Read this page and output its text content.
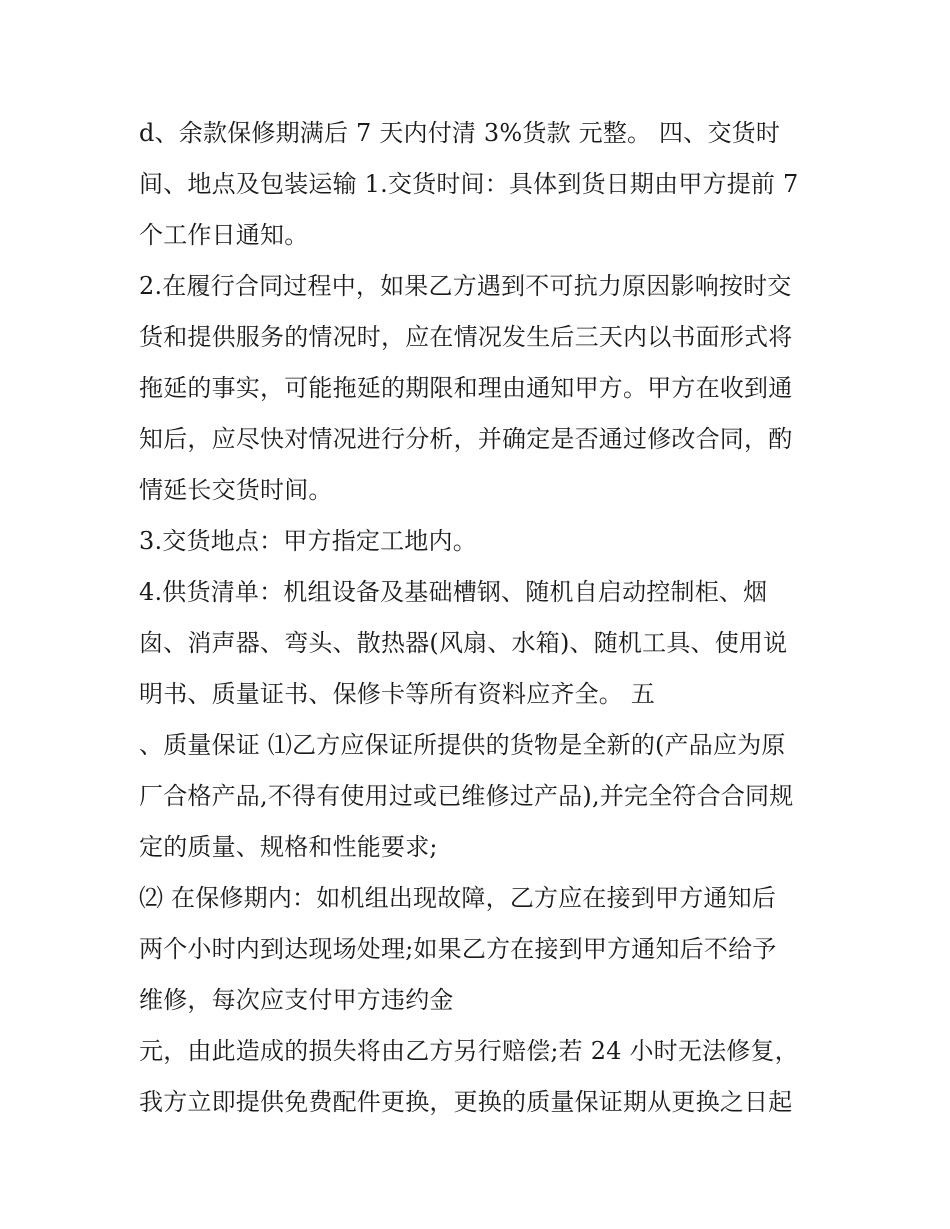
d、余款保修期满后 7 天内付清 3%货款 元整。 四、交货时
间、地点及包装运输 1.交货时间：具体到货日期由甲方提前 7
个工作日通知。
2.在履行合同过程中，如果乙方遇到不可抗力原因影响按时交
货和提供服务的情况时，应在情况发生后三天内以书面形式将
拖延的事实，可能拖延的期限和理由通知甲方。甲方在收到通
知后，应尽快对情况进行分析，并确定是否通过修改合同，酌
情延长交货时间。
3.交货地点：甲方指定工地内。
4.供货清单：机组设备及基础槽钢、随机自启动控制柜、烟
囱、消声器、弯头、散热器(风扇、水箱)、随机工具、使用说
明书、质量证书、保修卡等所有资料应齐全。 五
、质量保证 ⑴乙方应保证所提供的货物是全新的(产品应为原
厂合格产品,不得有使用过或已维修过产品),并完全符合合同规
定的质量、规格和性能要求;
⑵ 在保修期内：如机组出现故障，乙方应在接到甲方通知后
两个小时内到达现场处理;如果乙方在接到甲方通知后不给予
维修，每次应支付甲方违约金
元，由此造成的损失将由乙方另行赔偿;若 24 小时无法修复，
我方立即提供免费配件更换，更换的质量保证期从更换之日起
